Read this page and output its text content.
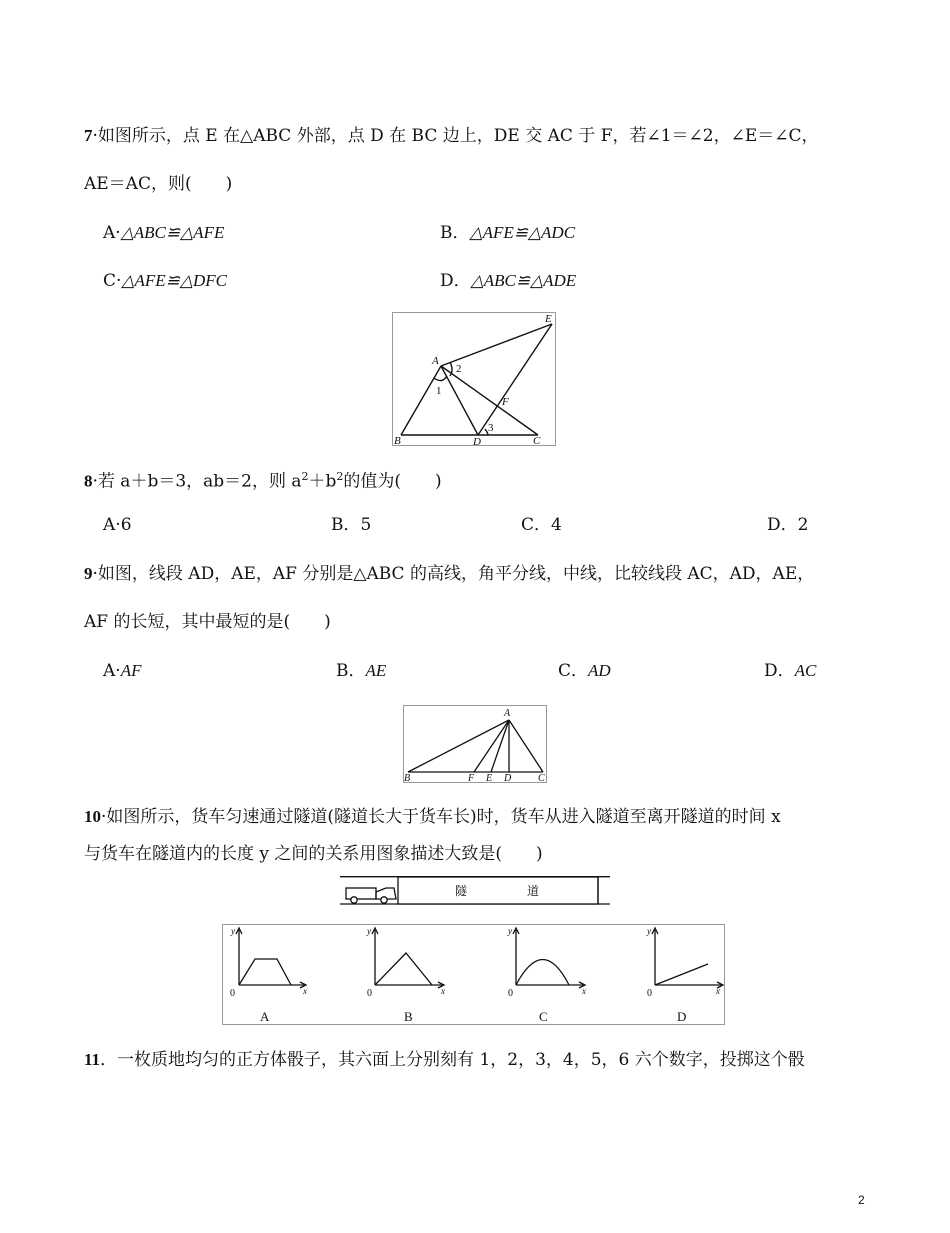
7·如图所示，点 E 在△ABC 外部，点 D 在 BC 边上，DE 交 AC 于 F，若∠1＝∠2，∠E＝∠C，
AE＝AC，则(　　)
A·△ABC≌△AFE	B．△AFE≌△ADC
C·△AFE≌△DFC	D．△ABC≌△ADE
A
B	C
D
E
F
1
2
3
8·若 a＋b＝3，ab＝2，则 $a^2+b^2$的值为(　　)
A·6	B．5	C．4	D．2
9·如图，线段 AD，AE，AF 分别是△ABC 的高线，角平分线，中线，比较线段 AC，AD，AE，
AF 的长短，其中最短的是(　　)
A·AF	B．AE	C．AD	D．AC
A
B	F E D	C
10·如图所示，货车匀速通过隧道(隧道长大于货车长)时，货车从进入隧道至离开隧道的时间 x
与货车在隧道内的长度 y 之间的关系用图象描述大致是(　　)
隧	道
y
x
0
A
y
x
0
B
y
x
0
C
y
x
0
D
11．一枚质地均匀的正方体骰子，其六面上分别刻有 1，2，3，4，5，6 六个数字，投掷这个骰
2
